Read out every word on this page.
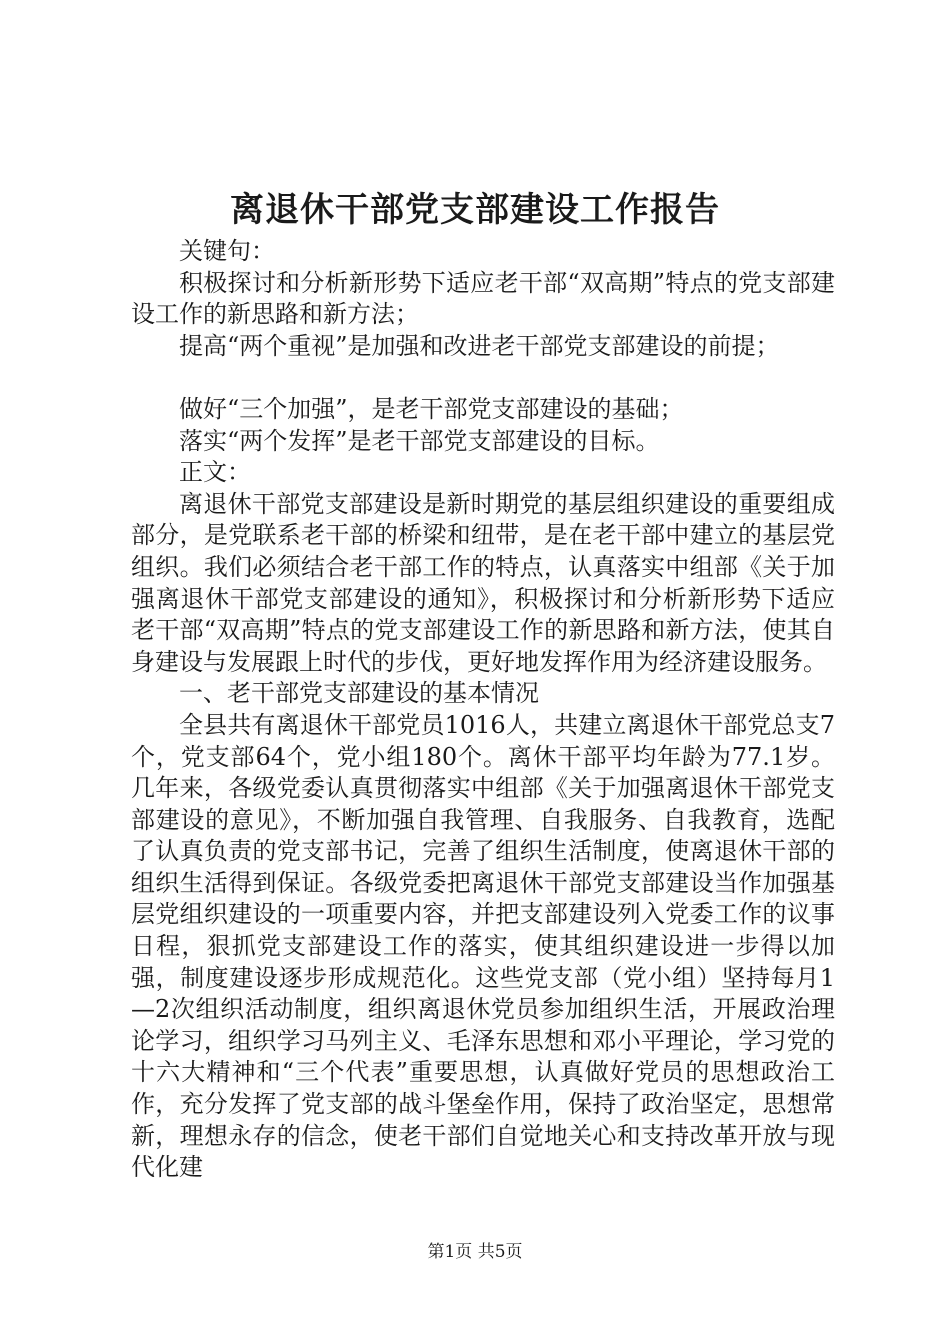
离退休干部党支部建设工作报告

关键句：

积极探讨和分析新形势下适应老干部“双高期”特点的党支部建设工作的新思路和新方法；

提高“两个重视”是加强和改进老干部党支部建设的前提；

做好“三个加强”，是老干部党支部建设的基础；

落实“两个发挥”是老干部党支部建设的目标。

正文：

离退休干部党支部建设是新时期党的基层组织建设的重要组成部分，是党联系老干部的桥梁和纽带，是在老干部中建立的基层党组织。我们必须结合老干部工作的特点，认真落实中组部《关于加强离退休干部党支部建设的通知》，积极探讨和分析新形势下适应老干部“双高期”特点的党支部建设工作的新思路和新方法，使其自身建设与发展跟上时代的步伐，更好地发挥作用为经济建设服务。

一、老干部党支部建设的基本情况

全县共有离退休干部党员1016人，共建立离退休干部党总支7个，党支部64个，党小组180个。离休干部平均年龄为77.1岁。几年来，各级党委认真贯彻落实中组部《关于加强离退休干部党支部建设的意见》，不断加强自我管理、自我服务、自我教育，选配了认真负责的党支部书记，完善了组织生活制度，使离退休干部的组织生活得到保证。各级党委把离退休干部党支部建设当作加强基层党组织建设的一项重要内容，并把支部建设列入党委工作的议事日程，狠抓党支部建设工作的落实，使其组织建设进一步得以加强，制度建设逐步形成规范化。这些党支部（党小组）坚持每月1—2次组织活动制度，组织离退休党员参加组织生活，开展政治理论学习，组织学习马列主义、毛泽东思想和邓小平理论，学习党的十六大精神和“三个代表”重要思想，认真做好党员的思想政治工作，充分发挥了党支部的战斗堡垒作用，保持了政治坚定，思想常新，理想永存的信念，使老干部们自觉地关心和支持改革开放与现代化建

第1页 共5页
